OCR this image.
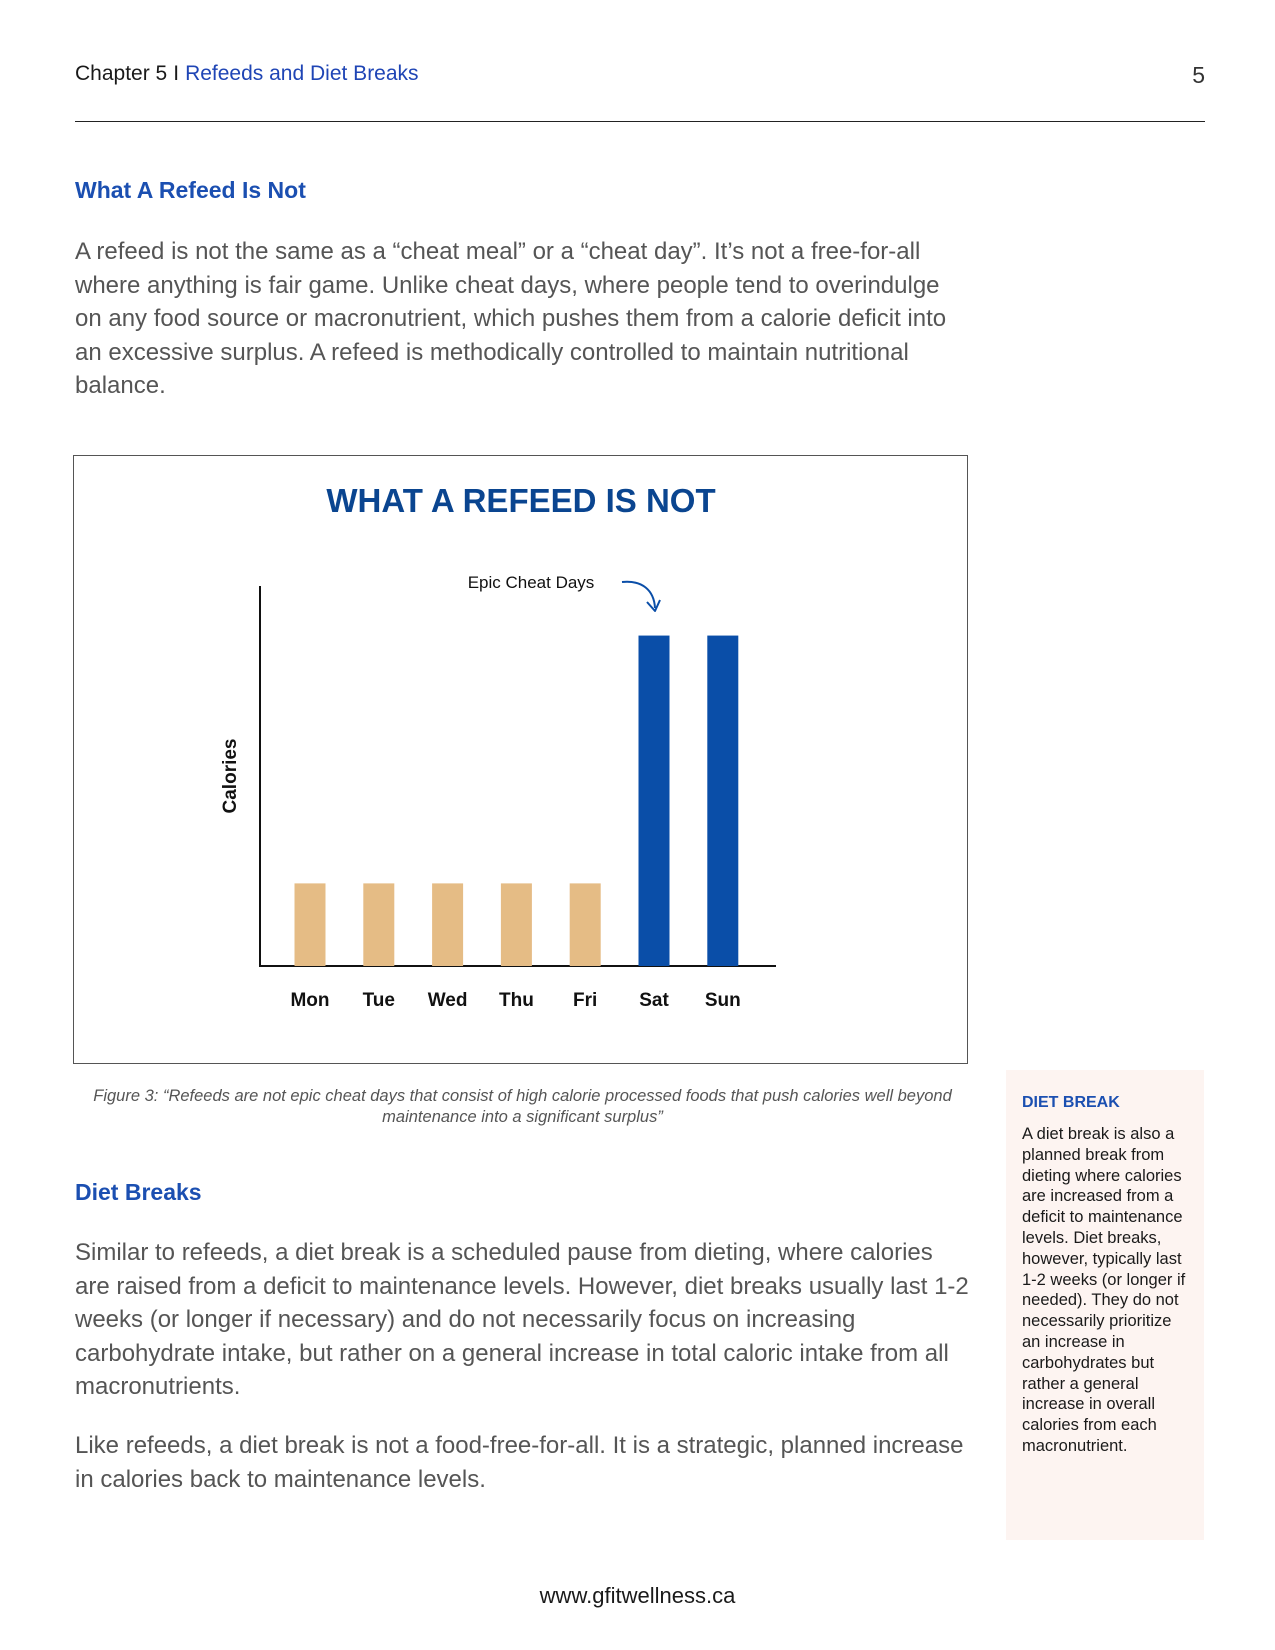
Chapter 5 I Refeeds and Diet Breaks	5
What A Refeed Is Not

A refeed is not the same as a “cheat meal” or a “cheat day”. It’s not a free-for-all where anything is fair game. Unlike cheat days, where people tend to overindulge on any food source or macronutrient, which pushes them from a calorie deficit into an excessive surplus. A refeed is methodically controlled to maintain nutritional balance.

WHAT A REFEED IS NOT
Calories
Mon Tue Wed Thu Fri Sat Sun
Epic Cheat Days
Figure 3: “Refeeds are not epic cheat days that consist of high calorie processed foods that push calories well beyond maintenance into a significant surplus”
Diet Breaks

Similar to refeeds, a diet break is a scheduled pause from dieting, where calories are raised from a deficit to maintenance levels. However, diet breaks usually last 1-2 weeks (or longer if necessary) and do not necessarily focus on increasing carbohydrate intake, but rather on a general increase in total caloric intake from all macronutrients.

Like refeeds, a diet break is not a food-free-for-all. It is a strategic, planned increase in calories back to maintenance levels.

DIET BREAK

A diet break is also a planned break from dieting where calories are increased from a deficit to maintenance levels. Diet breaks, however, typically last 1-2 weeks (or longer if needed). They do not necessarily prioritize an increase in carbohydrates but rather a general increase in overall calories from each macronutrient.

www.gfitwellness.ca
